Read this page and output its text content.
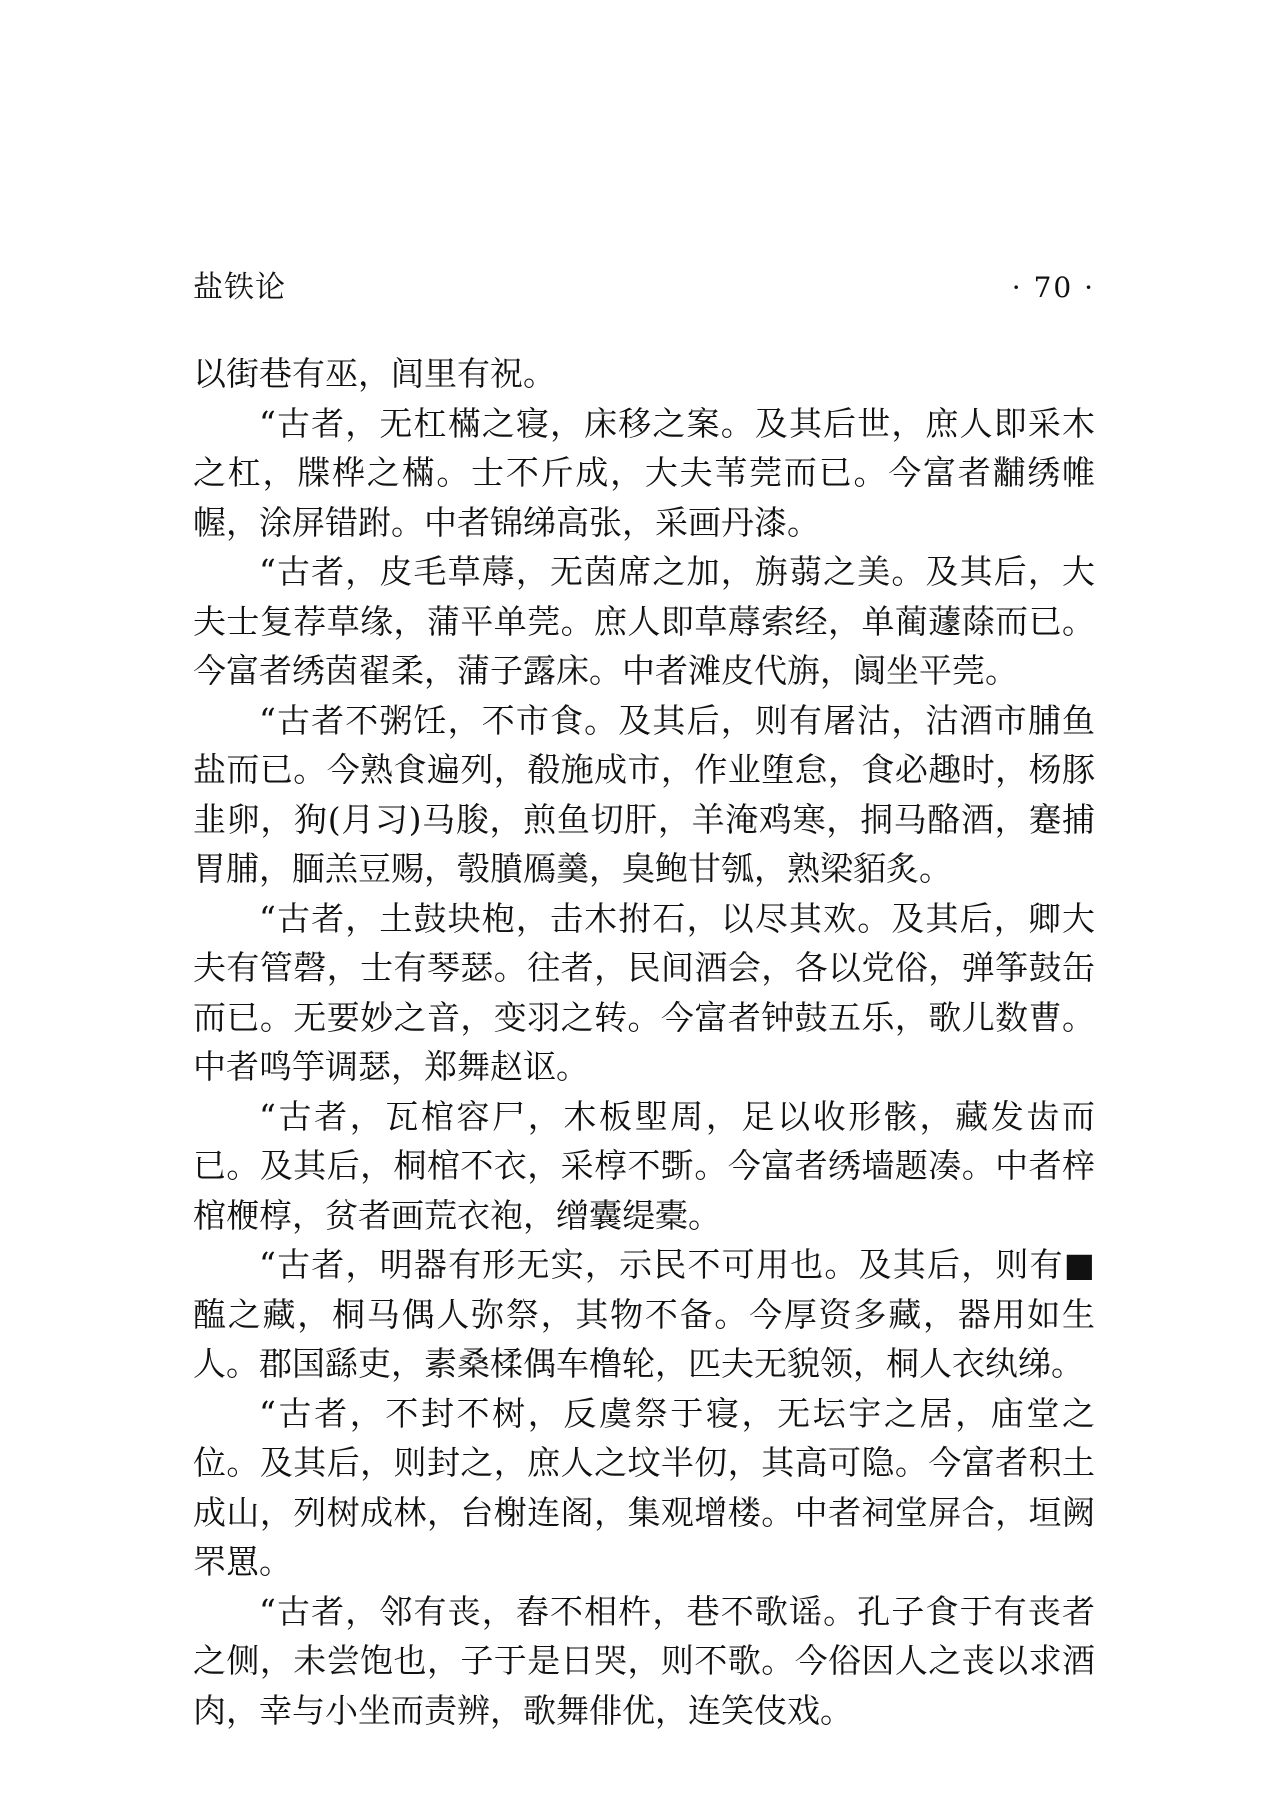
盐铁论	· 70 ·

以街巷有巫，闾里有祝。

“古者，无杠樠之寝，床移之案。及其后世，庶人即采木之杠，牒桦之樠。士不斤成，大夫苇莞而已。今富者黼绣帷幄，涂屏错跗。中者锦绨高张，采画丹漆。

“古者，皮毛草蓐，无茵席之加，旃蒻之美。及其后，大夫士复荐草缘，蒲平单莞。庶人即草蓐索经，单蔺蘧蒢而已。今富者绣茵翟柔，蒲子露床。中者滩皮代旃，阘坐平莞。

“古者不粥饪，不市食。及其后，则有屠沽，沽酒市脯鱼盐而已。今熟食遍列，殽施成市，作业堕怠，食必趣时，杨豚韭卵，狗(月习)马朘，煎鱼切肝，羊淹鸡寒，挏马酪酒，蹇捕胃脯，腼羔豆赐，彀膹鴈羹，臭鲍甘瓠，熟梁貊炙。

“古者，土鼓块枹，击木拊石，以尽其欢。及其后，卿大夫有管磬，士有琴瑟。往者，民间酒会，各以党俗，弹筝鼓缶而已。无要妙之音，变羽之转。今富者钟鼓五乐，歌儿数曹。中者鸣竽调瑟，郑舞赵讴。

“古者，瓦棺容尸，木板堲周，足以收形骸，藏发齿而已。及其后，桐棺不衣，采椁不斲。今富者绣墙题凑。中者梓棺楩椁，贫者画荒衣袍，缯囊缇橐。

“古者，明器有形无实，示民不可用也。及其后，则有■醢之藏，桐马偶人弥祭，其物不备。今厚资多藏，器用如生人。郡国繇吏，素桑楺偶车橹轮，匹夫无貌领，桐人衣纨绨。

“古者，不封不树，反虞祭于寝，无坛宇之居，庙堂之位。及其后，则封之，庶人之坟半仞，其高可隐。今富者积土成山，列树成林，台榭连阁，集观增楼。中者祠堂屏合，垣阙罘罳。

“古者，邻有丧，舂不相杵，巷不歌谣。孔子食于有丧者之侧，未尝饱也，子于是日哭，则不歌。今俗因人之丧以求酒肉，幸与小坐而责辨，歌舞俳优，连笑伎戏。
